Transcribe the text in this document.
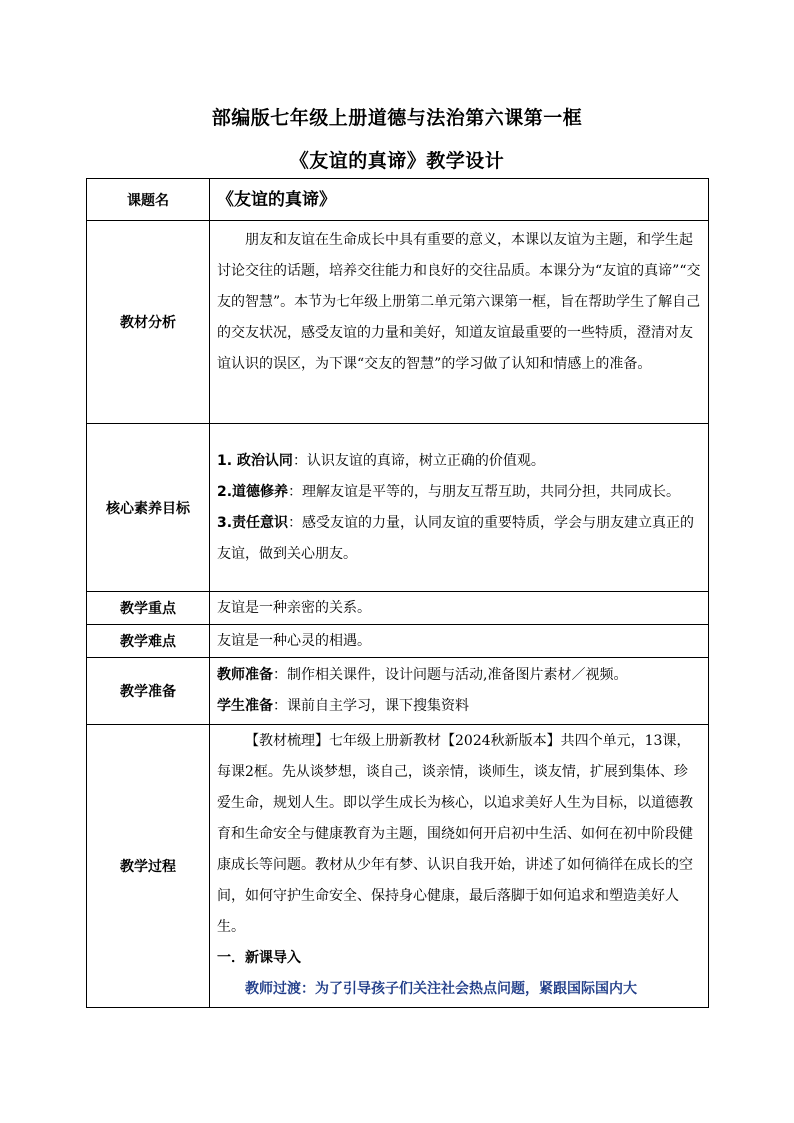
部编版七年级上册道德与法治第六课第一框
《友谊的真谛》教学设计
课题名	《友谊的真谛》
教材分析	朋友和友谊在生命成长中具有重要的意义，本课以友谊为主题，和学生起讨论交往的话题，培养交往能力和良好的交往品质。本课分为“友谊的真谛”“交友的智慧”。本节为七年级上册第二单元第六课第一框，旨在帮助学生了解自己的交友状况，感受友谊的力量和美好，知道友谊最重要的一些特质，澄清对友谊认识的误区，为下课“交友的智慧”的学习做了认知和情感上的准备。

核心素养目标	1. 政治认同：认识友谊的真谛，树立正确的价值观。

2.道德修养：理解友谊是平等的，与朋友互帮互助，共同分担，共同成长。

3.责任意识：感受友谊的力量，认同友谊的重要特质，学会与朋友建立真正的友谊，做到关心朋友。

教学重点	友谊是一种亲密的关系。
教学难点	友谊是一种心灵的相遇。
教学准备	教师准备：制作相关课件，设计问题与活动,准备图片素材／视频。

学生准备：课前自主学习，课下搜集资料

教学过程	【教材梳理】七年级上册新教材【2024秋新版本】共四个单元，13课， 每课2框。先从谈梦想，谈自己，谈亲情，谈师生，谈友情，扩展到集体、珍爱生命，规划人生。即以学生成长为核心，以追求美好人生为目标，以道德教育和生命安全与健康教育为主题，围绕如何开启初中生活、如何在初中阶段健康成长等问题。教材从少年有梦、认识自我开始，讲述了如何徜徉在成长的空间，如何守护生命安全、保持身心健康，最后落脚于如何追求和塑造美好人生。

一．新课导入

教师过渡：为了引导孩子们关注社会热点问题，紧跟国际国内大
